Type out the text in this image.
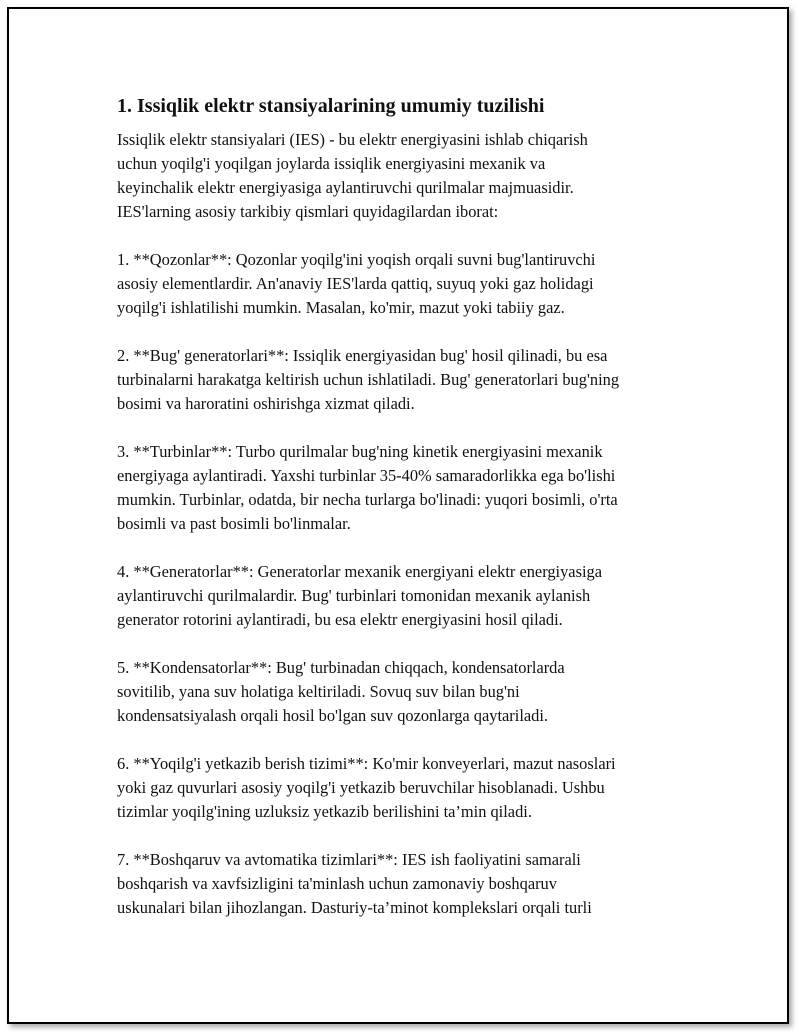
1. Issiqlik elektr stansiyalarining umumiy tuzilishi
Issiqlik elektr stansiyalari (IES) - bu elektr energiyasini ishlab chiqarish
uchun yoqilg'i yoqilgan joylarda issiqlik energiyasini mexanik va
keyinchalik elektr energiyasiga aylantiruvchi qurilmalar majmuasidir.
IES'larning asosiy tarkibiy qismlari quyidagilardan iborat:
1. **Qozonlar**: Qozonlar yoqilg'ini yoqish orqali suvni bug'lantiruvchi
asosiy elementlardir. An'anaviy IES'larda qattiq, suyuq yoki gaz holidagi
yoqilg'i ishlatilishi mumkin. Masalan, ko'mir, mazut yoki tabiiy gaz.
2. **Bug' generatorlari**: Issiqlik energiyasidan bug' hosil qilinadi, bu esa
turbinalarni harakatga keltirish uchun ishlatiladi. Bug' generatorlari bug'ning
bosimi va haroratini oshirishga xizmat qiladi.
3. **Turbinlar**: Turbo qurilmalar bug'ning kinetik energiyasini mexanik
energiyaga aylantiradi. Yaxshi turbinlar 35-40% samaradorlikka ega bo'lishi
mumkin. Turbinlar, odatda, bir necha turlarga bo'linadi: yuqori bosimli, o'rta
bosimli va past bosimli bo'linmalar.
4. **Generatorlar**: Generatorlar mexanik energiyani elektr energiyasiga
aylantiruvchi qurilmalardir. Bug' turbinlari tomonidan mexanik aylanish
generator rotorini aylantiradi, bu esa elektr energiyasini hosil qiladi.
5. **Kondensatorlar**: Bug' turbinadan chiqqach, kondensatorlarda
sovitilib, yana suv holatiga keltiriladi. Sovuq suv bilan bug'ni
kondensatsiyalash orqali hosil bo'lgan suv qozonlarga qaytariladi.
6. **Yoqilg'i yetkazib berish tizimi**: Ko'mir konveyerlari, mazut nasoslari
yoki gaz quvurlari asosiy yoqilg'i yetkazib beruvchilar hisoblanadi. Ushbu
tizimlar yoqilg'ining uzluksiz yetkazib berilishini ta’min qiladi.
7. **Boshqaruv va avtomatika tizimlari**: IES ish faoliyatini samarali
boshqarish va xavfsizligini ta'minlash uchun zamonaviy boshqaruv
uskunalari bilan jihozlangan. Dasturiy-ta’minot komplekslari orqali turli
